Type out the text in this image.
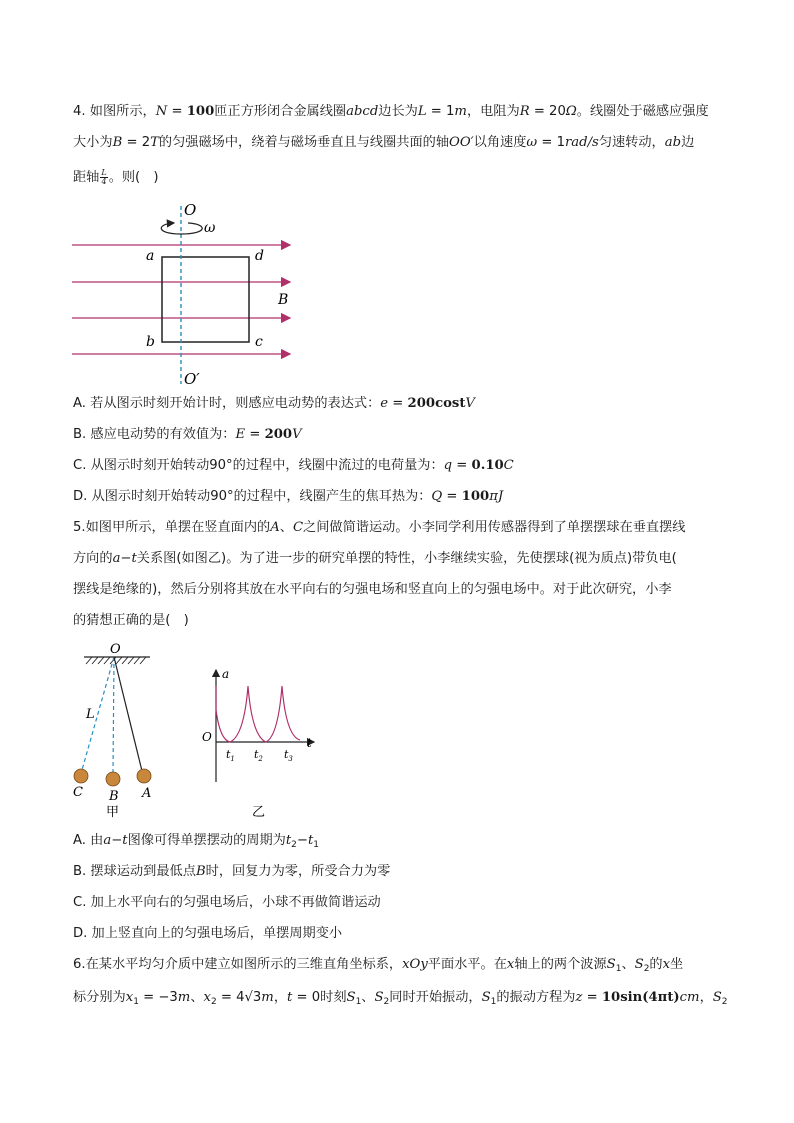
4. 如图所示，N = 100匝正方形闭合金属线圈abcd边长为L = 1m，电阻为R = 20Ω。线圈处于磁感应强度
大小为B = 2T的匀强磁场中，绕着与磁场垂直且与线圈共面的轴OO′以角速度ω = 1rad/s匀速转动，ab边
距轴 $\frac{L}{4}$ 。则(　)
O
ω
a	d
B
b	c
O′
A. 若从图示时刻开始计时，则感应电动势的表达式：e = 200costV
B. 感应电动势的有效值为：E = 200V
C. 从图示时刻开始转动90°的过程中，线圈中流过的电荷量为：q = 0.10C
D. 从图示时刻开始转动90°的过程中，线圈产生的焦耳热为：Q = 100πJ
5.如图甲所示，单摆在竖直面内的A、C之间做简谐运动。小李同学利用传感器得到了单摆摆球在垂直摆线
方向的a−t关系图(如图乙)。为了进一步的研究单摆的特性，小李继续实验，先使摆球(视为质点)带负电(
摆线是绝缘的)，然后分别将其放在水平向右的匀强电场和竖直向上的匀强电场中。对于此次研究，小李
的猜想正确的是(　)
O
L
C B A
甲
a
O	t
$t_1$ $t_2$ $t_3$
乙
A. 由a−t图像可得单摆摆动的周期为$t_2-t_1$
B. 摆球运动到最低点B时，回复力为零，所受合力为零
C. 加上水平向右的匀强电场后，小球不再做简谐运动
D. 加上竖直向上的匀强电场后，单摆周期变小
6.在某水平均匀介质中建立如图所示的三维直角坐标系，xOy平面水平。在x轴上的两个波源$S_1$、$S_2$的x坐
标分别为$x_1 = -3m$、$x_2 = 4√3m$，t = 0时刻$S_1$、$S_2$同时开始振动，$S_1$的振动方程为z = 10sin(4πt)cm，$S_2$
